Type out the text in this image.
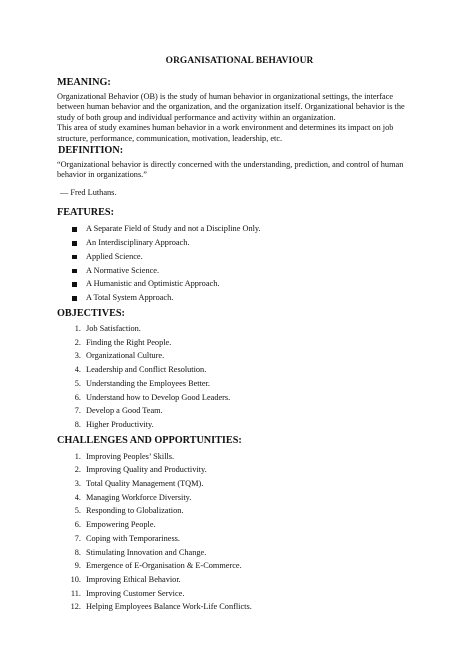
ORGANISATIONAL BEHAVIOUR
MEANING:

Organizational Behavior (OB) is the study of human behavior in organizational settings, the interface between human behavior and the organization, and the organization itself. Organizational behavior is the study of both group and individual performance and activity within an organization.

This area of study examines human behavior in a work environment and determines its impact on job structure, performance, communication, motivation, leadership, etc.

DEFINITION:

“Organizational behavior is directly concerned with the understanding, prediction, and control of human behavior in organizations.”

— Fred Luthans.

FEATURES:
A Separate Field of Study and not a Discipline Only.
An Interdisciplinary Approach.
Applied Science.
A Normative Science.
A Humanistic and Optimistic Approach.
A Total System Approach.
OBJECTIVES:
1. Job Satisfaction.
2. Finding the Right People.
3. Organizational Culture.
4. Leadership and Conflict Resolution.
5. Understanding the Employees Better.
6. Understand how to Develop Good Leaders.
7. Develop a Good Team.
8. Higher Productivity.
CHALLENGES AND OPPORTUNITIES:
1. Improving Peoples’ Skills.
2. Improving Quality and Productivity.
3. Total Quality Management (TQM).
4. Managing Workforce Diversity.
5. Responding to Globalization.
6. Empowering People.
7. Coping with Temporariness.
8. Stimulating Innovation and Change.
9. Emergence of E-Organisation & E-Commerce.
10. Improving Ethical Behavior.
11. Improving Customer Service.
12. Helping Employees Balance Work-Life Conflicts.
